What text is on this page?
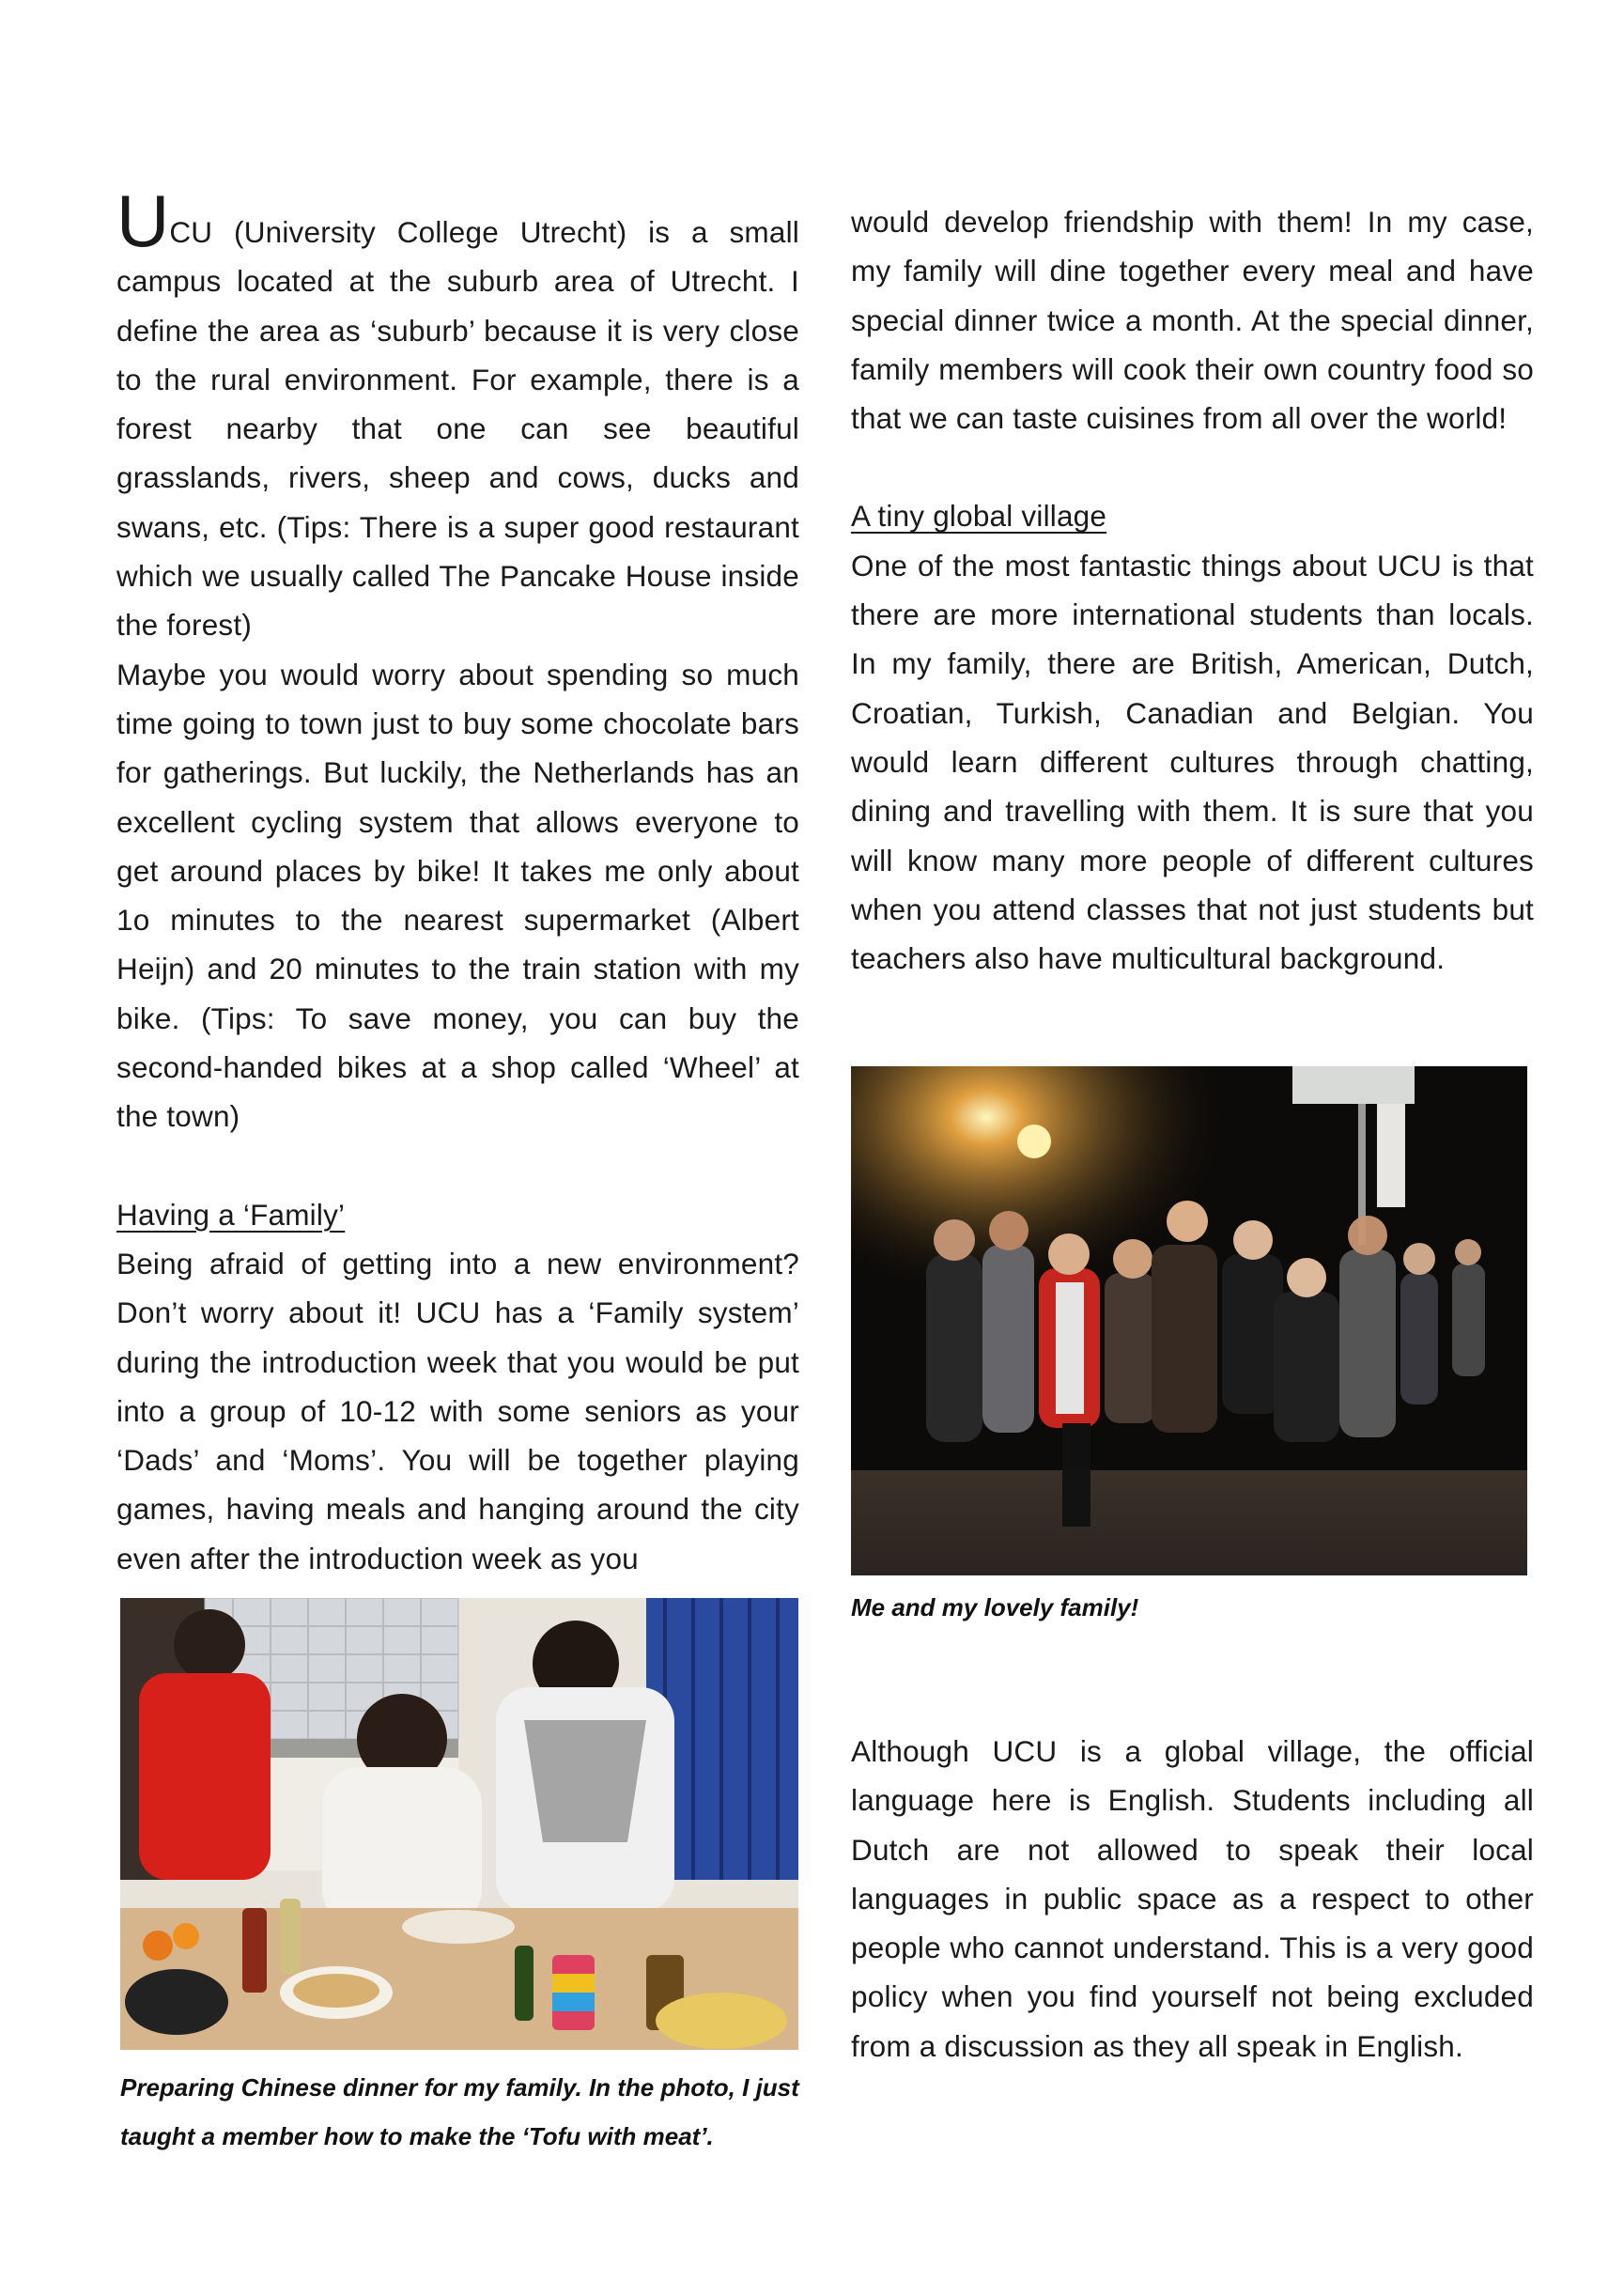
UCU (University College Utrecht) is a small campus located at the suburb area of Utrecht. I define the area as ‘suburb’ because it is very close to the rural environment. For example, there is a forest nearby that one can see beautiful grasslands, rivers, sheep and cows, ducks and swans, etc. (Tips: There is a super good restaurant which we usually called The Pancake House inside the forest)

Maybe you would worry about spending so much time going to town just to buy some chocolate bars for gatherings. But luckily, the Netherlands has an excellent cycling system that allows everyone to get around places by bike! It takes me only about 1o minutes to the nearest supermarket (Albert Heijn) and 20 minutes to the train station with my bike. (Tips: To save money, you can buy the second-handed bikes at a shop called ‘Wheel’ at the town)

Having a ‘Family’

Being afraid of getting into a new environment? Don’t worry about it! UCU has a ‘Family system’ during the introduction week that you would be put into a group of 10-12 with some seniors as your ‘Dads’ and ‘Moms’. You will be together playing games, having meals and hanging around the city even after the introduction week as you

would develop friendship with them! In my case, my family will dine together every meal and have special dinner twice a month. At the special dinner, family members will cook their own country food so that we can taste cuisines from all over the world!

A tiny global village

One of the most fantastic things about UCU is that there are more international students than locals. In my family, there are British, American, Dutch, Croatian, Turkish, Canadian and Belgian. You would learn different cultures through chatting, dining and travelling with them. It is sure that you will know many more people of different cultures when you attend classes that not just students but teachers also have multicultural background.

Me and my lovely family!

Although UCU is a global village, the official language here is English. Students including all Dutch are not allowed to speak their local languages in public space as a respect to other people who cannot understand. This is a very good policy when you find yourself not being excluded from a discussion as they all speak in English.

Preparing Chinese dinner for my family. In the photo, I just
taught a member how to make the ‘Tofu with meat’.
